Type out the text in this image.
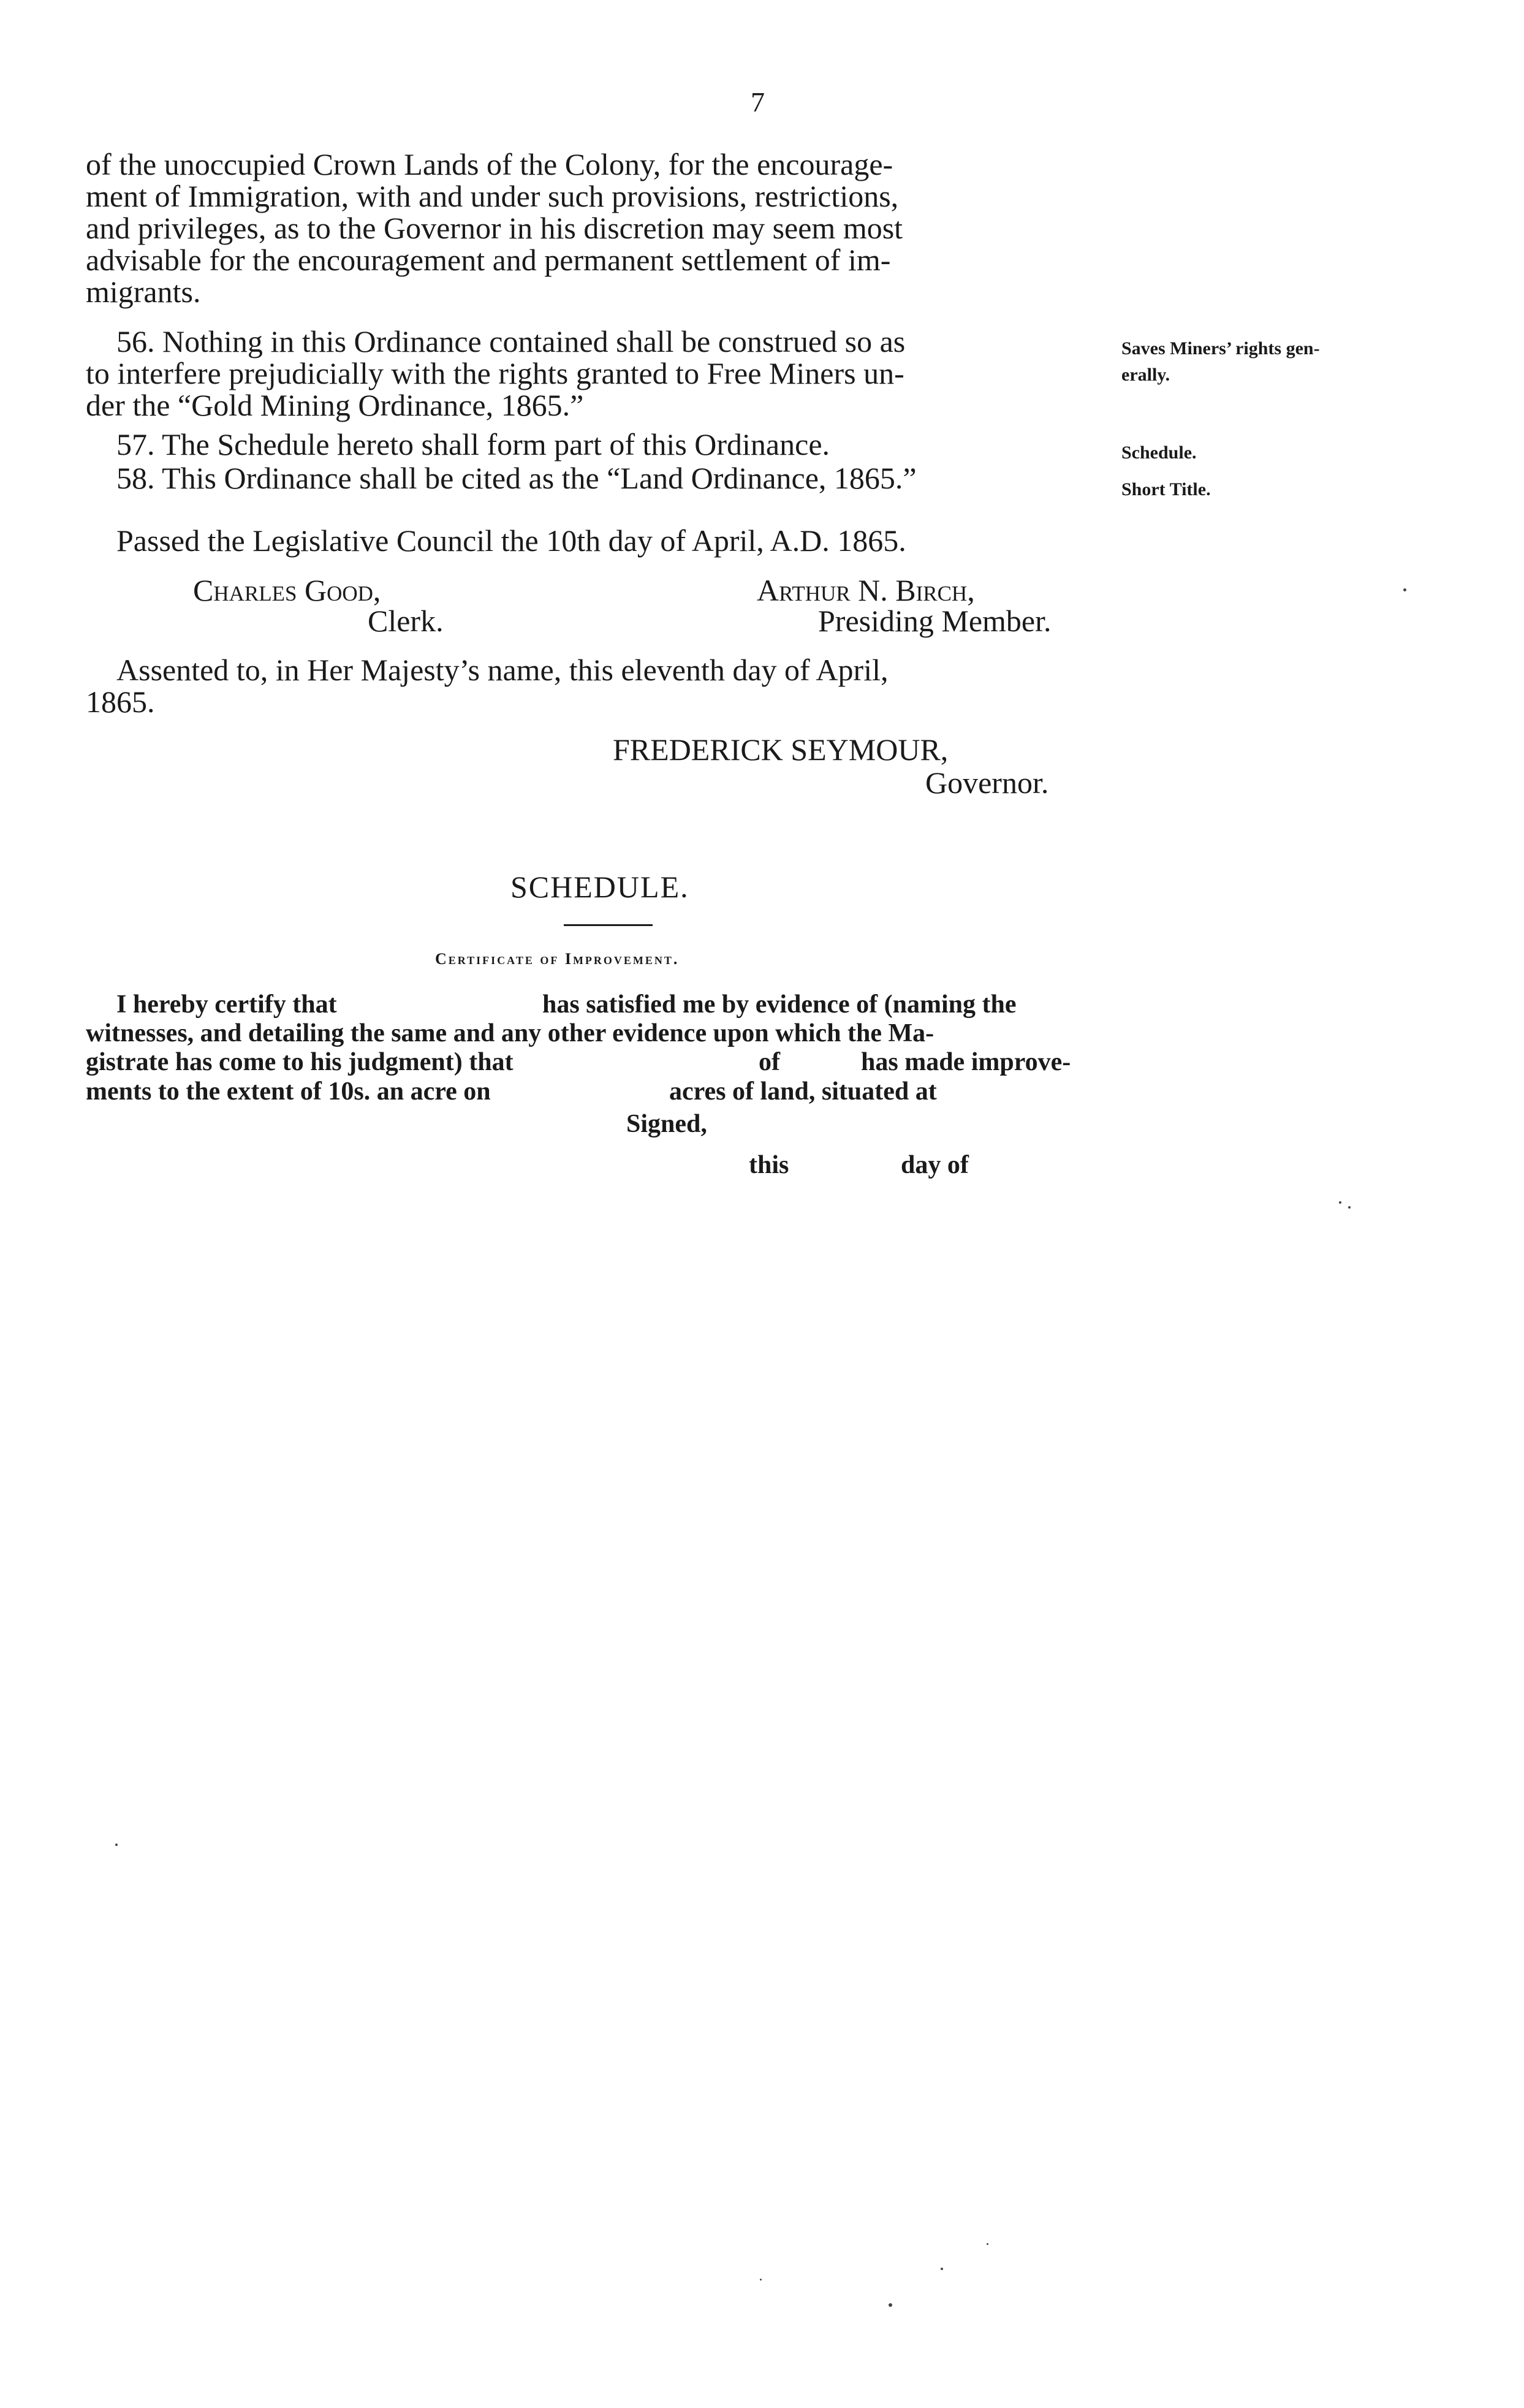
7
of the unoccupied Crown Lands of the Colony, for the encourage-
ment of Immigration, with and under such provisions, restrictions,
and privileges, as to the Governor in his discretion may seem most
advisable for the encouragement and permanent settlement of im-
migrants.
56. Nothing in this Ordinance contained shall be construed so as
to interfere prejudicially with the rights granted to Free Miners un-
der the “Gold Mining Ordinance, 1865.”
57. The Schedule hereto shall form part of this Ordinance.
58. This Ordinance shall be cited as the “Land Ordinance, 1865.”
Saves Miners’ rights gen-
erally.
Schedule.
Short Title.
Passed the Legislative Council the 10th day of April, A.D. 1865.
Charles Good,
Clerk.
Arthur N. Birch,
Presiding Member.
Assented to, in Her Majesty’s name, this eleventh day of April,
1865.
FREDERICK SEYMOUR,
Governor.
SCHEDULE.
Certificate of Improvement.
I hereby certify that	has satisfied me by evidence of (naming the
witnesses, and detailing the same and any other evidence upon which the Ma-
gistrate has come to his judgment) that	of	has made improve-
ments to the extent of 10s. an acre on	acres of land, situated at
Signed,
this	day of
